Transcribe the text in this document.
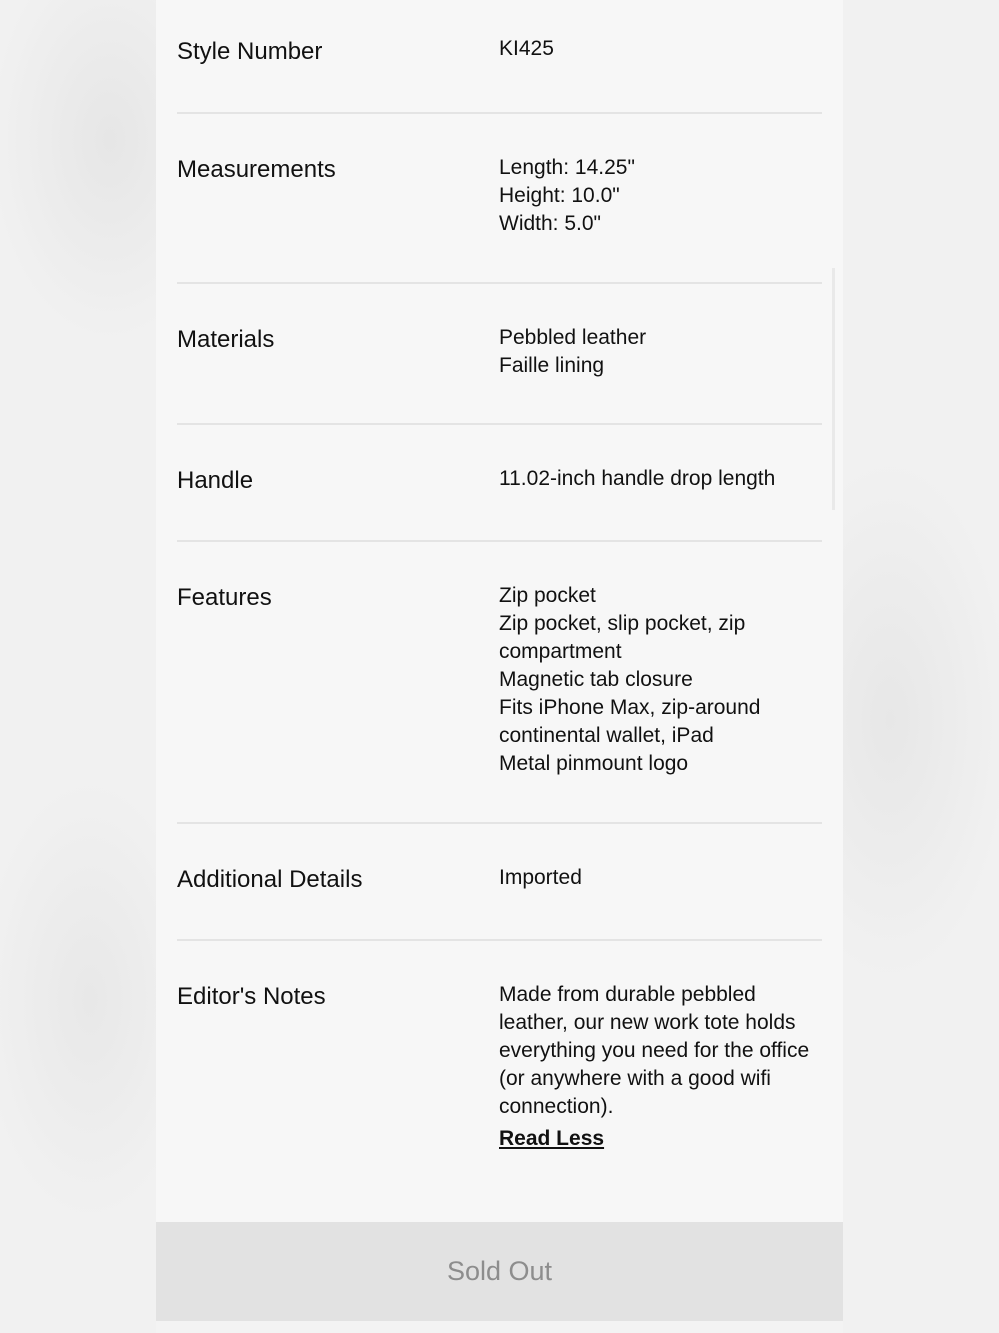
Style Number	KI425
Measurements	Length: 14.25"
Height: 10.0"
Width: 5.0"
Materials	Pebbled leather
Faille lining
Handle	11.02-inch handle drop length
Features	Zip pocket
Zip pocket, slip pocket, zip compartment
Magnetic tab closure
Fits iPhone Max, zip-around continental wallet, iPad
Metal pinmount logo
Additional Details	Imported
Editor's Notes	Made from durable pebbled leather, our new work tote holds everything you need for the office (or anywhere with a good wifi connection).
Read Less
Sold Out
